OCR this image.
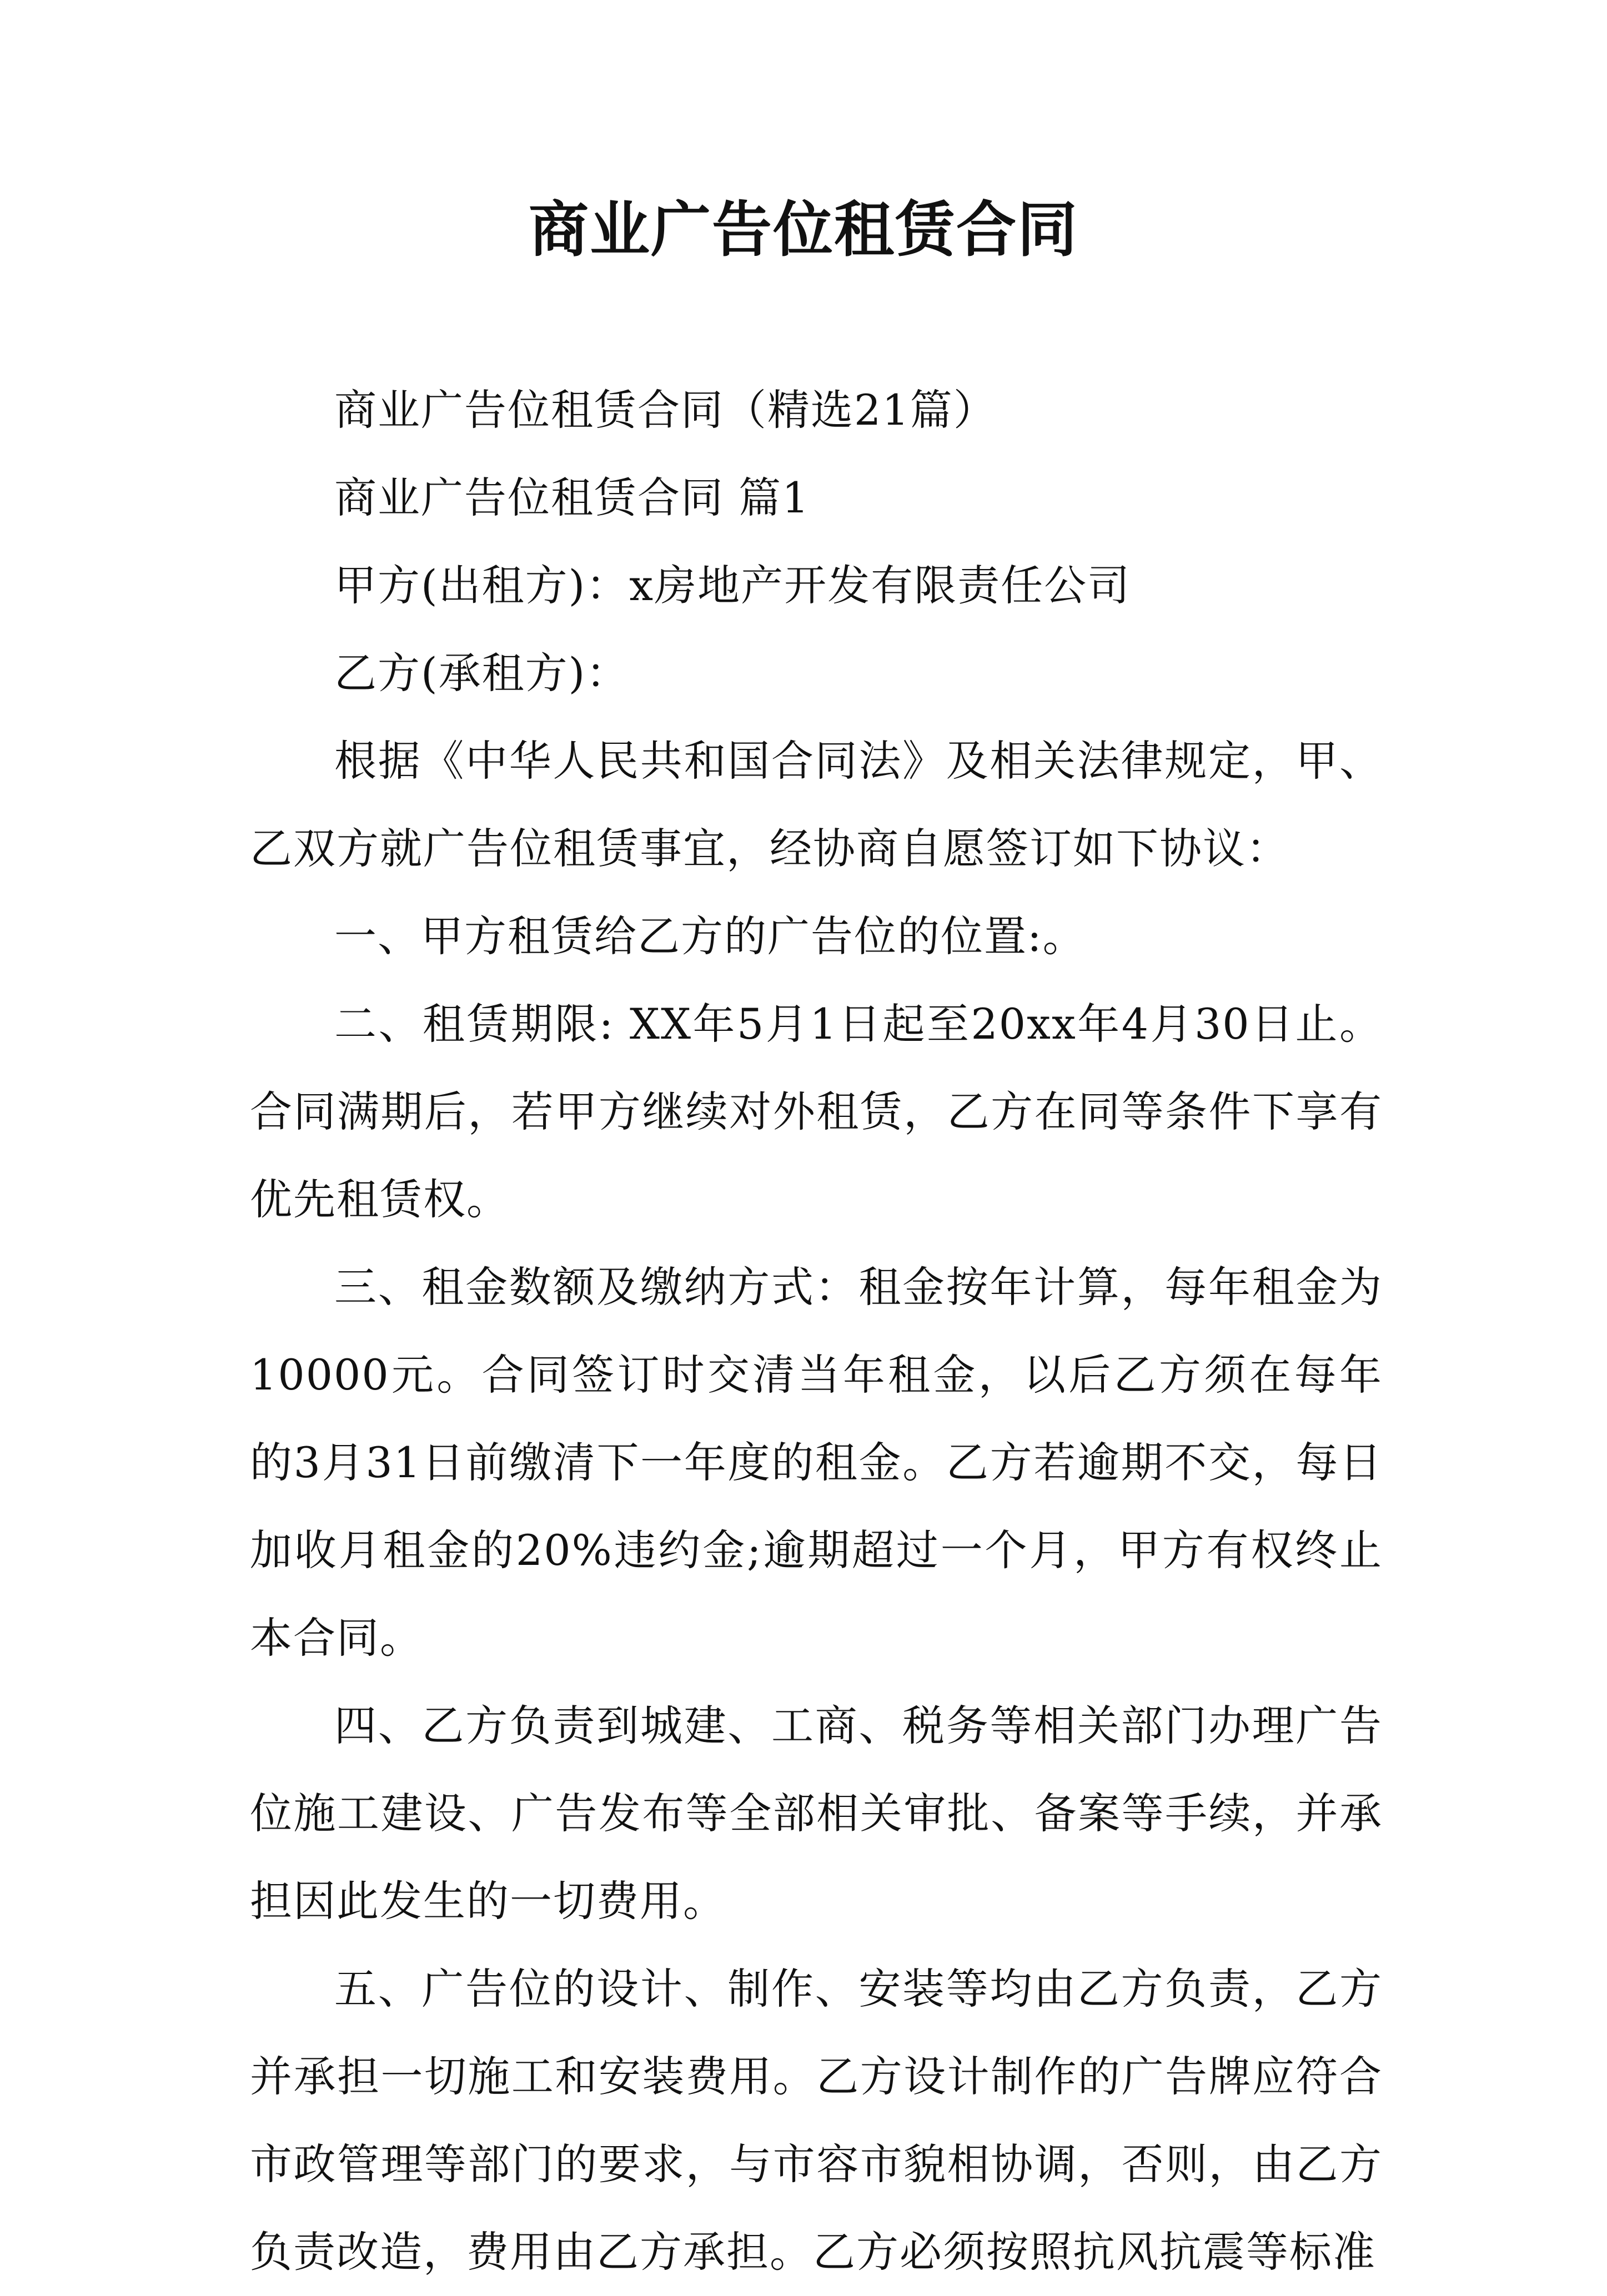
商业广告位租赁合同

商业广告位租赁合同（精选21篇）

商业广告位租赁合同 篇1

甲方(出租方)：x房地产开发有限责任公司

乙方(承租方)：

根据《中华人民共和国合同法》及相关法律规定，甲、乙双方就广告位租赁事宜，经协商自愿签订如下协议：

一、甲方租赁给乙方的广告位的位置:。

二、租赁期限: XX年5月1日起至20xx年4月30日止。合同满期后，若甲方继续对外租赁，乙方在同等条件下享有优先租赁权。

三、租金数额及缴纳方式：租金按年计算，每年租金为10000元。合同签订时交清当年租金，以后乙方须在每年的3月31日前缴清下一年度的租金。乙方若逾期不交，每日加收月租金的20%违约金;逾期超过一个月，甲方有权终止本合同。

四、乙方负责到城建、工商、税务等相关部门办理广告位施工建设、广告发布等全部相关审批、备案等手续，并承担因此发生的一切费用。

五、广告位的设计、制作、安装等均由乙方负责，乙方并承担一切施工和安装费用。乙方设计制作的广告牌应符合市政管理等部门的要求，与市容市貌相协调，否则，由乙方负责改造，费用由乙方承担。乙方必须按照抗风抗震等标准
